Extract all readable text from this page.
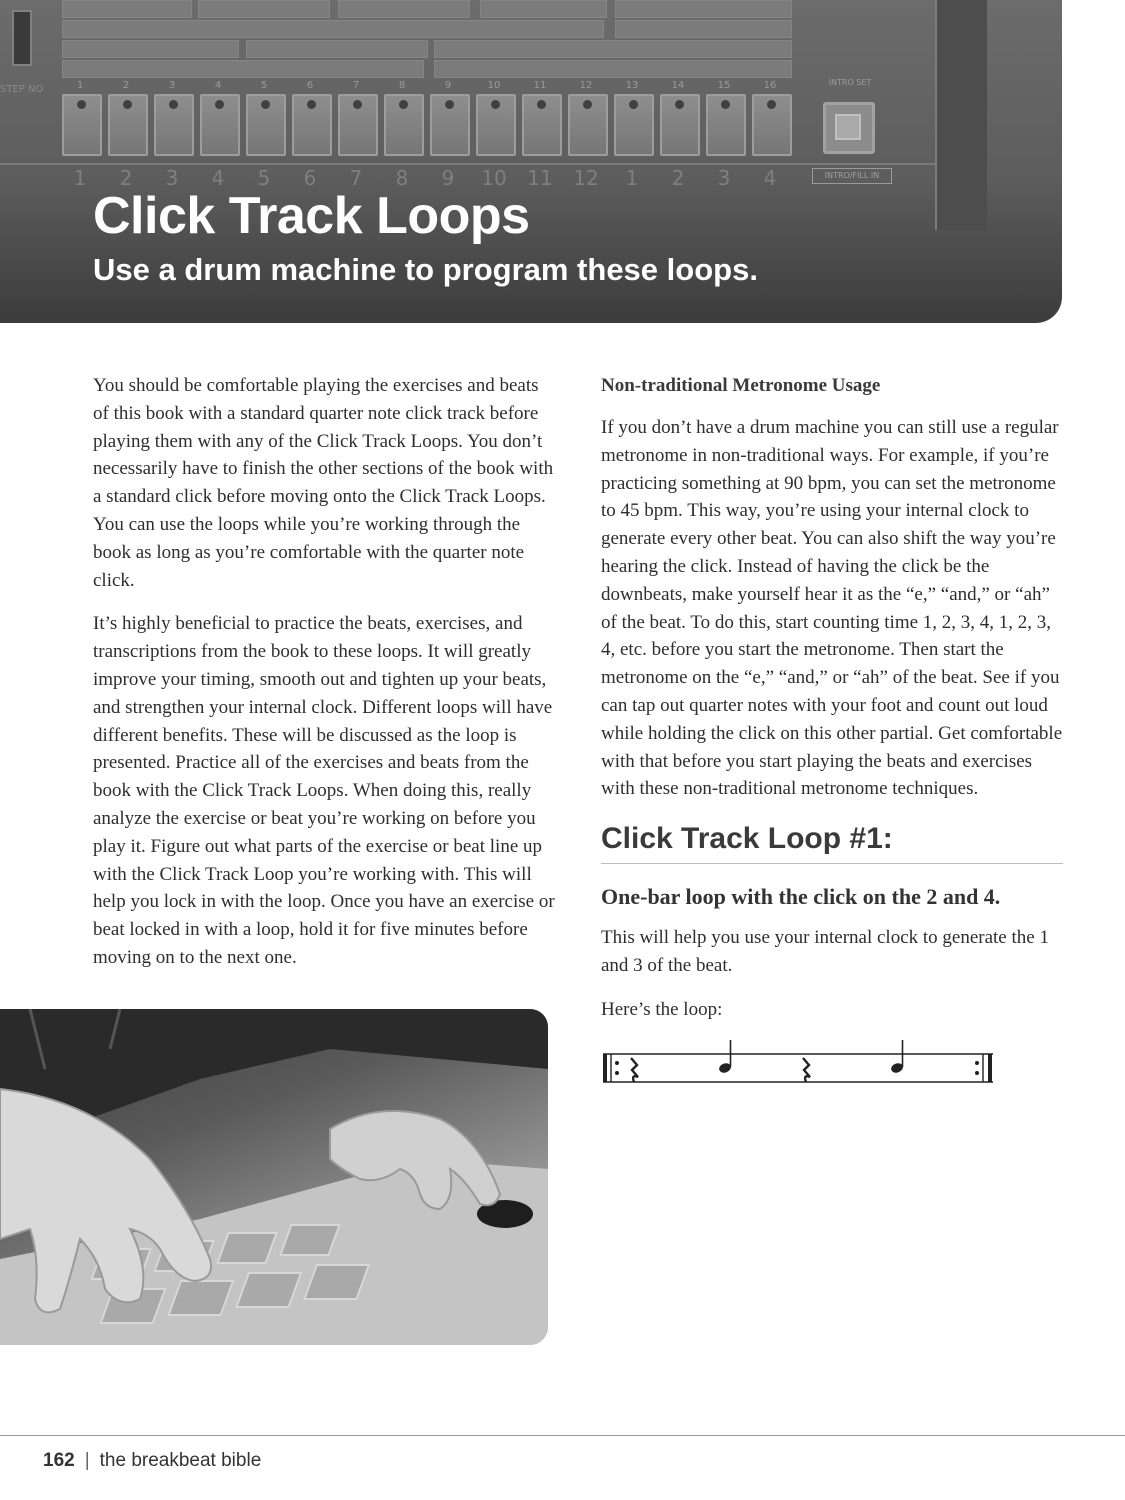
STEP NO	1	2	3	4	5	6	7	8	9	10	11	12	13	14	15	16
1 2 3 4 5 6 7 8 9 10 11 12 1 2 3 4
INTRO SET
INTRO/FILL IN
Click Track Loops
Use a drum machine to program these loops.

You should be comfortable playing the exercises and beats of this book with a standard quarter note click track before playing them with any of the Click Track Loops. You don’t necessarily have to finish the other sections of the book with a standard click before moving onto the Click Track Loops. You can use the loops while you’re working through the book as long as you’re comfortable with the quarter note click.

It’s highly beneficial to practice the beats, exercises, and transcriptions from the book to these loops. It will greatly improve your timing, smooth out and tighten up your beats, and strengthen your internal clock. Different loops will have different benefits. These will be discussed as the loop is presented. Practice all of the exercises and beats from the book with the Click Track Loops. When doing this, really analyze the exercise or beat you’re working on before you play it. Figure out what parts of the exercise or beat line up with the Click Track Loop you’re working with. This will help you lock in with the loop. Once you have an exercise or beat locked in with a loop, hold it for five minutes before moving on to the next one.

Non-traditional Metronome Usage

If you don’t have a drum machine you can still use a regular metronome in non-traditional ways. For example, if you’re practicing something at 90 bpm, you can set the metronome to 45 bpm. This way, you’re using your internal clock to generate every other beat. You can also shift the way you’re hearing the click. Instead of having the click be the downbeats, make yourself hear it as the “e,” “and,” or “ah” of the beat. To do this, start counting time 1, 2, 3, 4, 1, 2, 3, 4, etc. before you start the metronome. Then start the metronome on the “e,” “and,” or “ah” of the beat. See if you can tap out quarter notes with your foot and count out loud while holding the click on this other partial. Get comfortable with that before you start playing the beats and exercises with these non-traditional metronome techniques.

Click Track Loop #1:
One-bar loop with the click on the 2 and 4.

This will help you use your internal clock to generate the 1 and 3 of the beat.

Here’s the loop:

162 | the breakbeat bible
